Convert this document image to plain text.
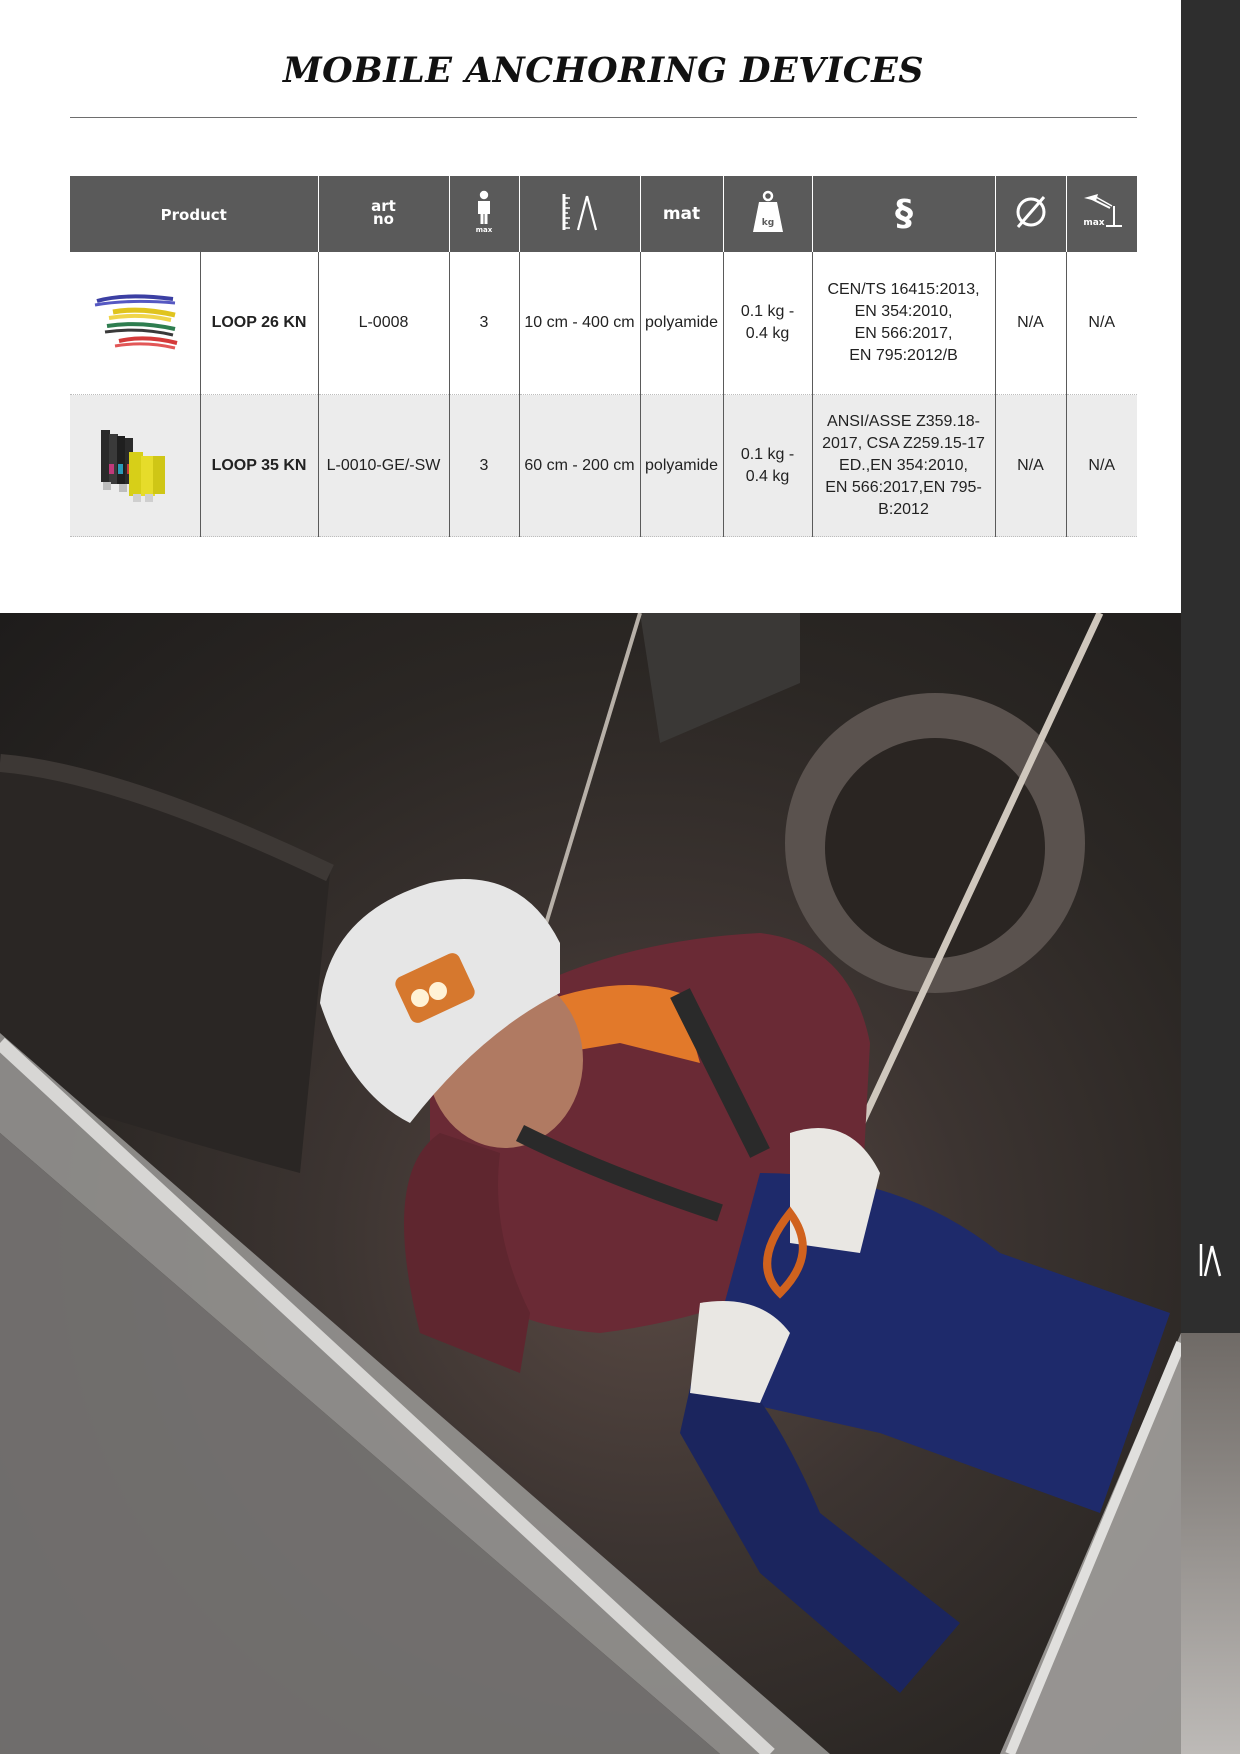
MOBILE ANCHORING DEVICES
Product		art
no	max		mat	kg	§		max

	LOOP 26 KN	L-0008	3	10 cm - 400 cm	polyamide	0.1 kg -
0.4 kg	CEN/TS 16415:2013,
EN 354:2010,
EN 566:2017,
EN 795:2012/B	N/A	N/A
	LOOP 35 KN	L-0010-GE/-SW	3	60 cm - 200 cm	polyamide	0.1 kg -
0.4 kg	ANSI/ASSE Z359.18-
2017, CSA Z259.15-17
ED.,EN 354:2010,
EN 566:2017,EN 795-
B:2012	N/A	N/A
